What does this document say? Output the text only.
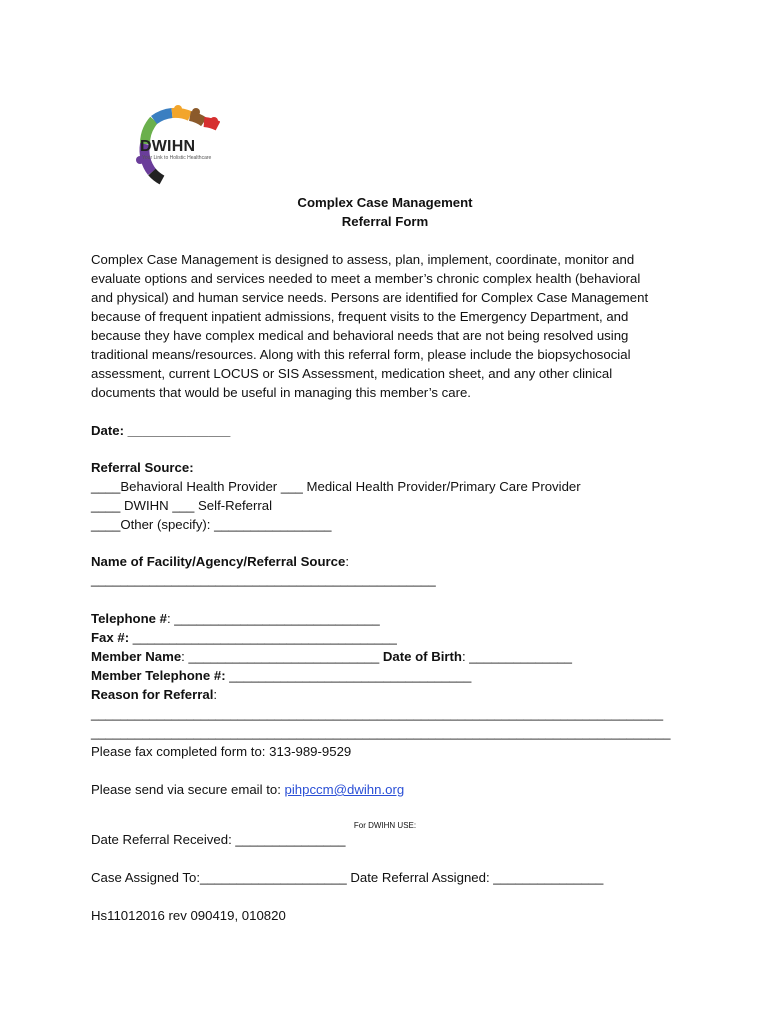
DWIHN
Your Link to Holistic Healthcare
Complex Case Management
Referral Form
Complex Case Management is designed to assess, plan, implement, coordinate, monitor and
evaluate options and services needed to meet a member’s chronic complex health (behavioral
and physical) and human service needs. Persons are identified for Complex Case Management
because of frequent inpatient admissions, frequent visits to the Emergency Department, and
because they have complex medical and behavioral needs that are not being resolved using
traditional means/resources. Along with this referral form, please include the biopsychosocial
assessment, current LOCUS or SIS Assessment, medication sheet, and any other clinical
documents that would be useful in managing this member’s care.
Date: ______________
Referral Source:
____Behavioral Health Provider ___ Medical Health Provider/Primary Care Provider
____ DWIHN ___ Self-Referral
____Other (specify): ________________
Name of Facility/Agency/Referral Source:
_______________________________________________
Telephone #: ____________________________
Fax #: ____________________________________
Member Name: __________________________ Date of Birth: ______________
Member Telephone #: _________________________________
Reason for Referral:
______________________________________________________________________________
_______________________________________________________________________________
Please fax completed form to: 313-989-9529
Please send via secure email to: pihpccm@dwihn.org
For DWIHN USE:
Date Referral Received: _______________
Case Assigned To:____________________ Date Referral Assigned: _______________
Hs11012016 rev 090419, 010820
